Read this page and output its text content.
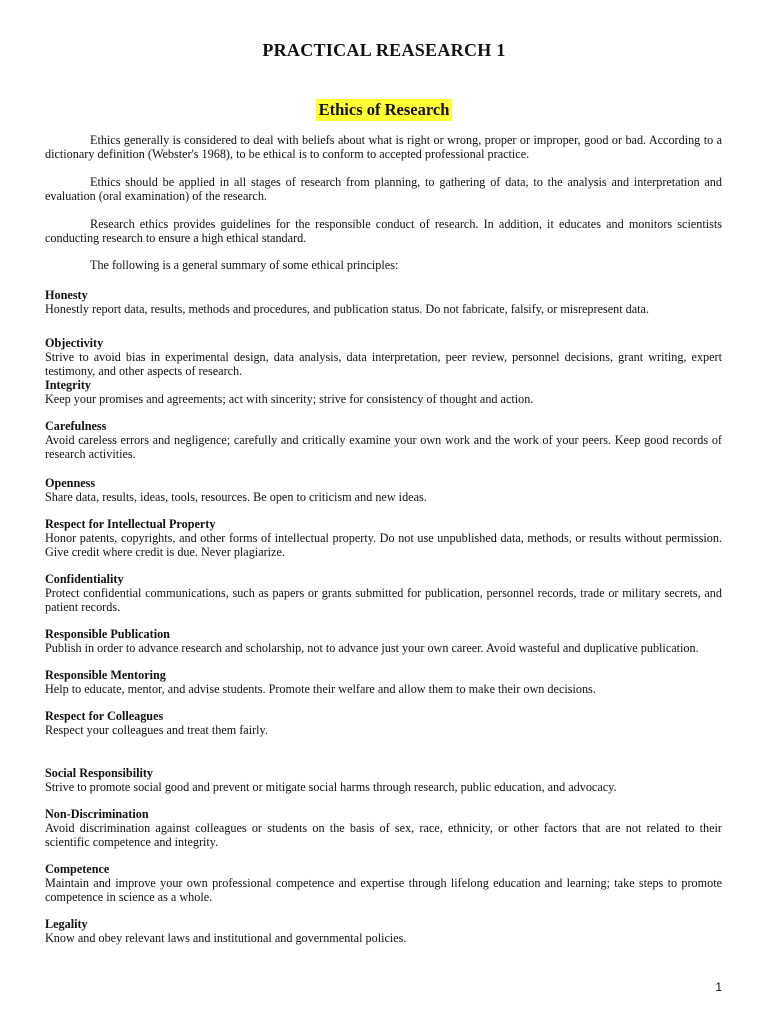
PRACTICAL REASEARCH 1
Ethics of Research

Ethics generally is considered to deal with beliefs about what is right or wrong, proper or improper, good or bad. According to a dictionary definition (Webster's 1968), to be ethical is to conform to accepted professional practice.

Ethics should be applied in all stages of research from planning, to gathering of data, to the analysis and interpretation and evaluation (oral examination) of the research.

Research ethics provides guidelines for the responsible conduct of research. In addition, it educates and monitors scientists conducting research to ensure a high ethical standard.

The following is a general summary of some ethical principles:

Honesty
Honestly report data, results, methods and procedures, and publication status. Do not fabricate, falsify, or misrepresent data.
Objectivity
Strive to avoid bias in experimental design, data analysis, data interpretation, peer review, personnel decisions, grant writing, expert testimony, and other aspects of research.
Integrity
Keep your promises and agreements; act with sincerity; strive for consistency of thought and action.
Carefulness
Avoid careless errors and negligence; carefully and critically examine your own work and the work of your peers. Keep good records of research activities.
Openness
Share data, results, ideas, tools, resources. Be open to criticism and new ideas.
Respect for Intellectual Property
Honor patents, copyrights, and other forms of intellectual property. Do not use unpublished data, methods, or results without permission. Give credit where credit is due. Never plagiarize.
Confidentiality
Protect confidential communications, such as papers or grants submitted for publication, personnel records, trade or military secrets, and patient records.
Responsible Publication
Publish in order to advance research and scholarship, not to advance just your own career. Avoid wasteful and duplicative publication.
Responsible Mentoring
Help to educate, mentor, and advise students. Promote their welfare and allow them to make their own decisions.
Respect for Colleagues
Respect your colleagues and treat them fairly.
Social Responsibility
Strive to promote social good and prevent or mitigate social harms through research, public education, and advocacy.
Non-Discrimination
Avoid discrimination against colleagues or students on the basis of sex, race, ethnicity, or other factors that are not related to their scientific competence and integrity.
Competence
Maintain and improve your own professional competence and expertise through lifelong education and learning; take steps to promote competence in science as a whole.
Legality
Know and obey relevant laws and institutional and governmental policies.
1
